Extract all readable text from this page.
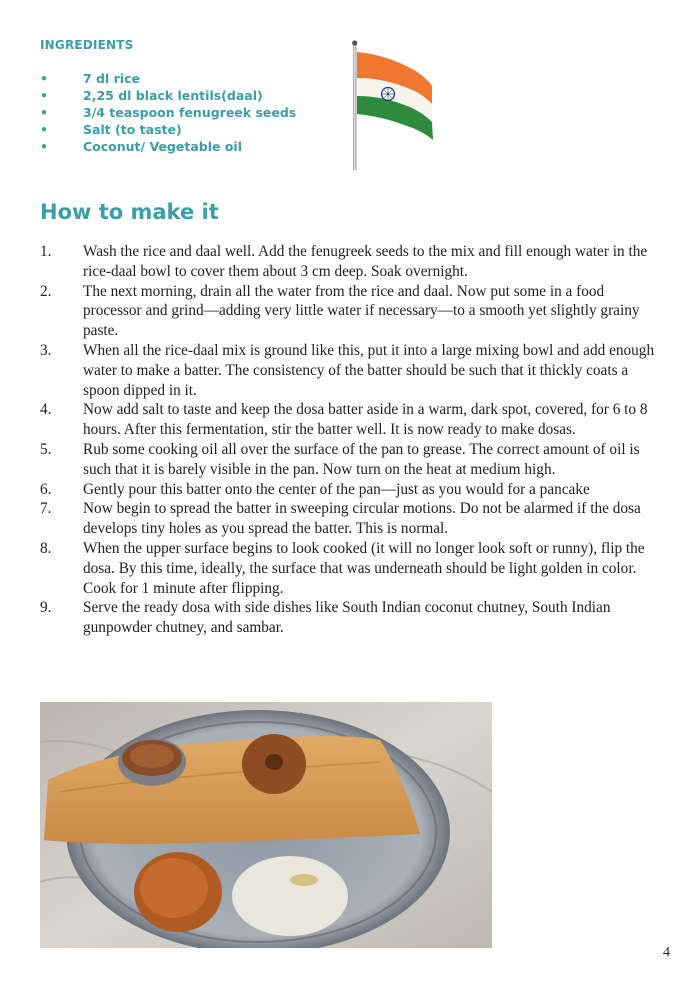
INGREDIENTS
•	7 dl rice
•	2,25 dl black lentils(daal)
•	3/4 teaspoon fenugreek seeds
•	Salt (to taste)
•	Coconut/ Vegetable oil
How to make it
1. Wash the rice and daal well. Add the fenugreek seeds to the mix and fill enough water in the rice-daal bowl to cover them about 3 cm deep. Soak overnight.
2. The next morning, drain all the water from the rice and daal. Now put some in a food processor and grind—adding very little water if necessary—to a smooth yet slightly grainy paste.
3. When all the rice-daal mix is ground like this, put it into a large mixing bowl and add enough water to make a batter. The consistency of the batter should be such that it thickly coats a spoon dipped in it.
4. Now add salt to taste and keep the dosa batter aside in a warm, dark spot, covered, for 6 to 8 hours. After this fermentation, stir the batter well. It is now ready to make dosas.
5. Rub some cooking oil all over the surface of the pan to grease. The correct amount of oil is such that it is barely visible in the pan. Now turn on the heat at medium high.
6. Gently pour this batter onto the center of the pan—just as you would for a pancake
7. Now begin to spread the batter in sweeping circular motions. Do not be alarmed if the dosa develops tiny holes as you spread the batter. This is normal.
8. When the upper surface begins to look cooked (it will no longer look soft or runny), flip the dosa. By this time, ideally, the surface that was underneath should be light golden in color. Cook for 1 minute after flipping.
9. Serve the ready dosa with side dishes like South Indian coconut chutney, South Indian gunpowder chutney, and sambar.
4
